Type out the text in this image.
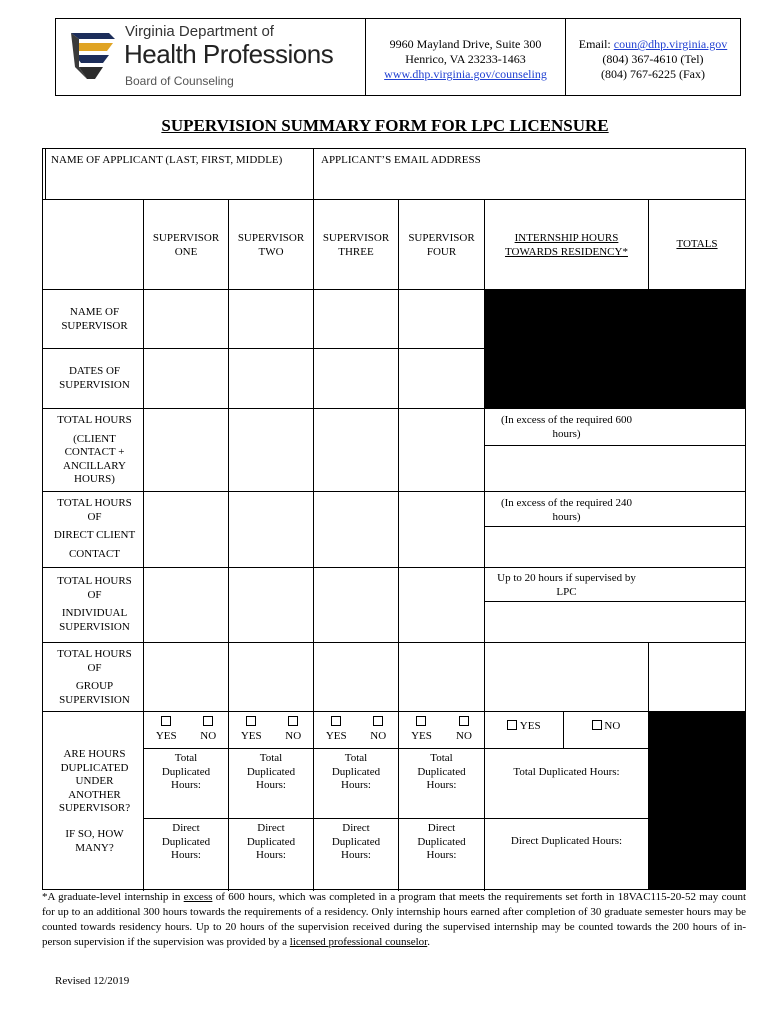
Virginia Department of
Health Professions
Board of Counseling
9960 Mayland Drive, Suite 300
Henrico, VA 23233-1463
www.dhp.virginia.gov/counseling
Email: coun@dhp.virginia.gov
(804) 367-4610 (Tel)
(804) 767-6225 (Fax)
SUPERVISION SUMMARY FORM FOR LPC LICENSURE
NAME OF APPLICANT (LAST, FIRST, MIDDLE)	APPLICANT’S EMAIL ADDRESS
SUPERVISOR
ONE
SUPERVISOR
TWO
SUPERVISOR
THREE
SUPERVISOR
FOUR
INTERNSHIP HOURS
TOWARDS RESIDENCY*
TOTALS
NAME OF
SUPERVISOR
DATES OF
SUPERVISION
TOTAL HOURS
(CLIENT
CONTACT +
ANCILLARY
HOURS)
TOTAL HOURS
OF
DIRECT CLIENT
CONTACT
TOTAL HOURS
OF
INDIVIDUAL
SUPERVISION
TOTAL HOURS
OF
GROUP
SUPERVISION
ARE HOURS
DUPLICATED
UNDER
ANOTHER
SUPERVISOR?
IF SO, HOW
MANY?
(In excess of the required 600
hours)
(In excess of the required 240
hours)
Up to 20 hours if supervised by
LPC
YES NO YES NO YES NO YES NO
YES	NO
Total
Duplicated
Hours:
Total
Duplicated
Hours:
Total
Duplicated
Hours:
Total
Duplicated
Hours:
Total Duplicated Hours:
Direct
Duplicated
Hours:
Direct
Duplicated
Hours:
Direct
Duplicated
Hours:
Direct
Duplicated
Hours:
Direct Duplicated Hours:
*A graduate-level internship in excess of 600 hours, which was completed in a program that meets the requirements set forth in 18VAC115-20-52 may count for up to an additional 300 hours towards the requirements of a residency. Only internship hours earned after completion of 30 graduate semester hours may be counted towards residency hours. Up to 20 hours of the supervision received during the supervised internship may be counted towards the 200 hours of in-person supervision if the supervision was provided by a licensed professional counselor.
Revised 12/2019
